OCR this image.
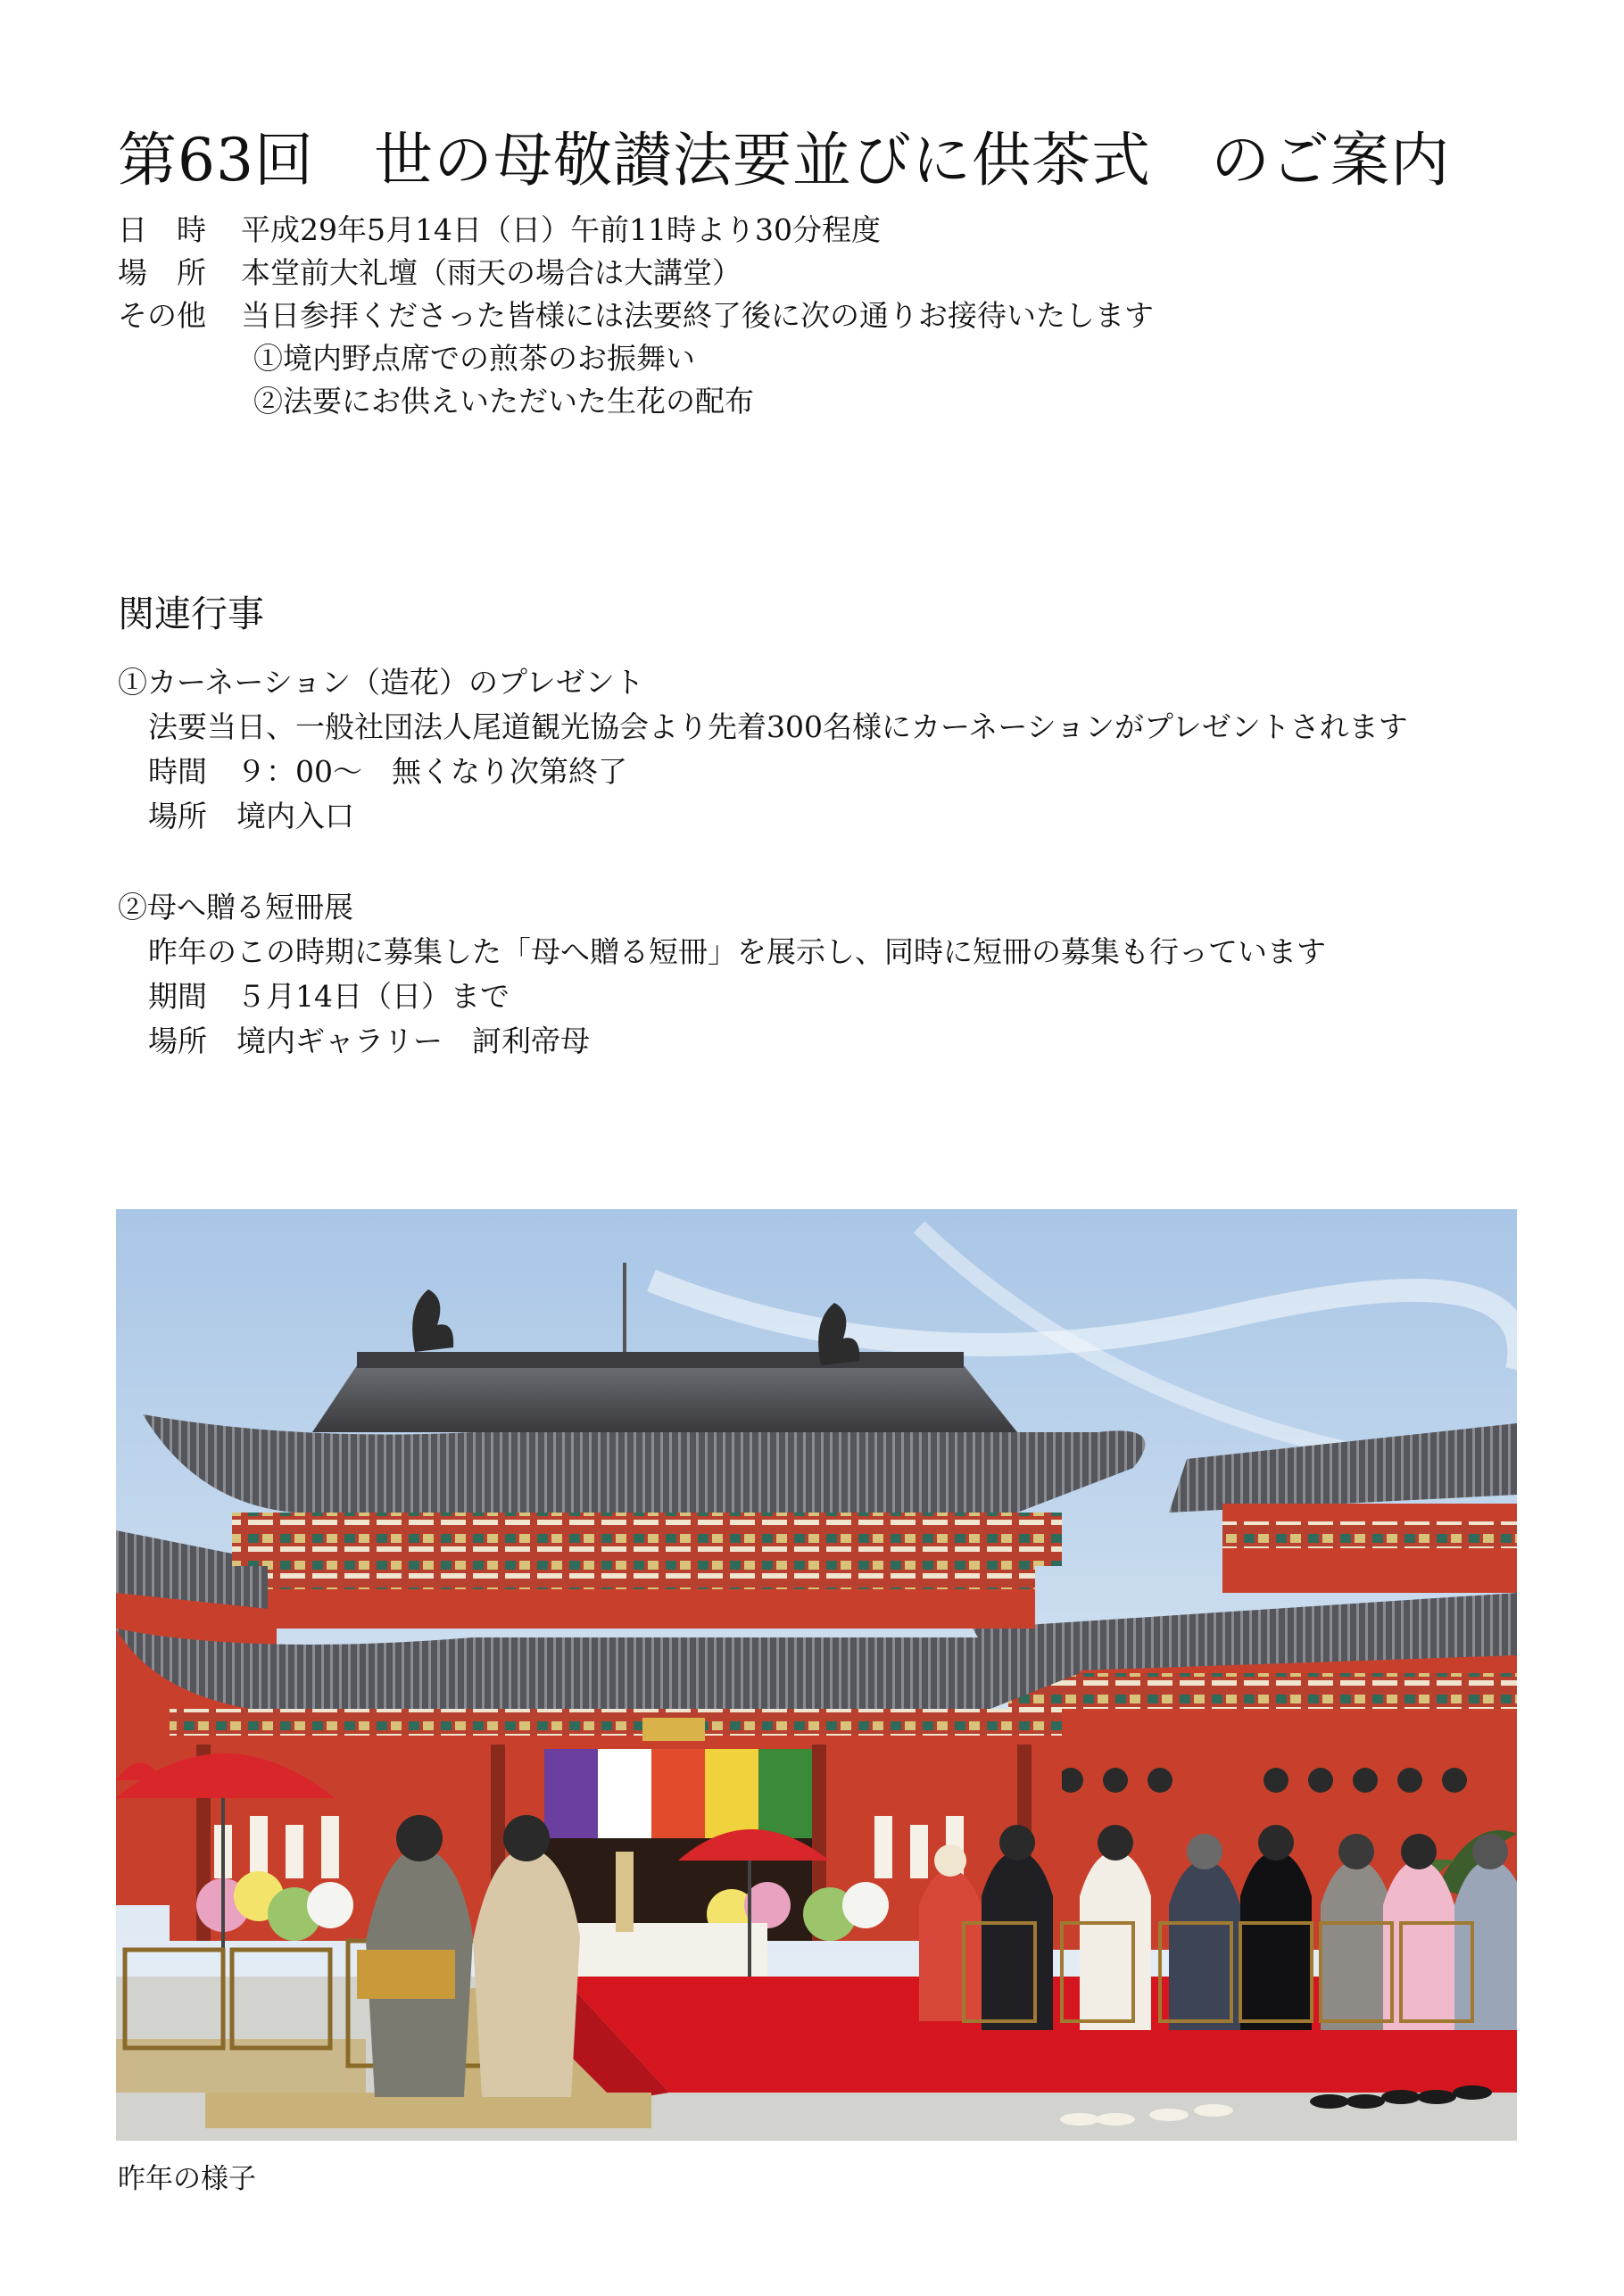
第63回　世の母敬讃法要並びに供茶式　のご案内
日　時	平成29年5月14日（日）午前11時より30分程度
場　所	本堂前大礼壇（雨天の場合は大講堂）
その他	当日参拝くださった皆様には法要終了後に次の通りお接待いたします
①境内野点席での煎茶のお振舞い
②法要にお供えいただいた生花の配布
関連行事
①カーネーション（造花）のプレゼント
法要当日、一般社団法人尾道観光協会より先着300名様にカーネーションがプレゼントされます
時間　９：00～　無くなり次第終了
場所　境内入口
②母へ贈る短冊展
昨年のこの時期に募集した「母へ贈る短冊」を展示し、同時に短冊の募集も行っています
期間　５月14日（日）まで
場所　境内ギャラリー　訶利帝母
昨年の様子
